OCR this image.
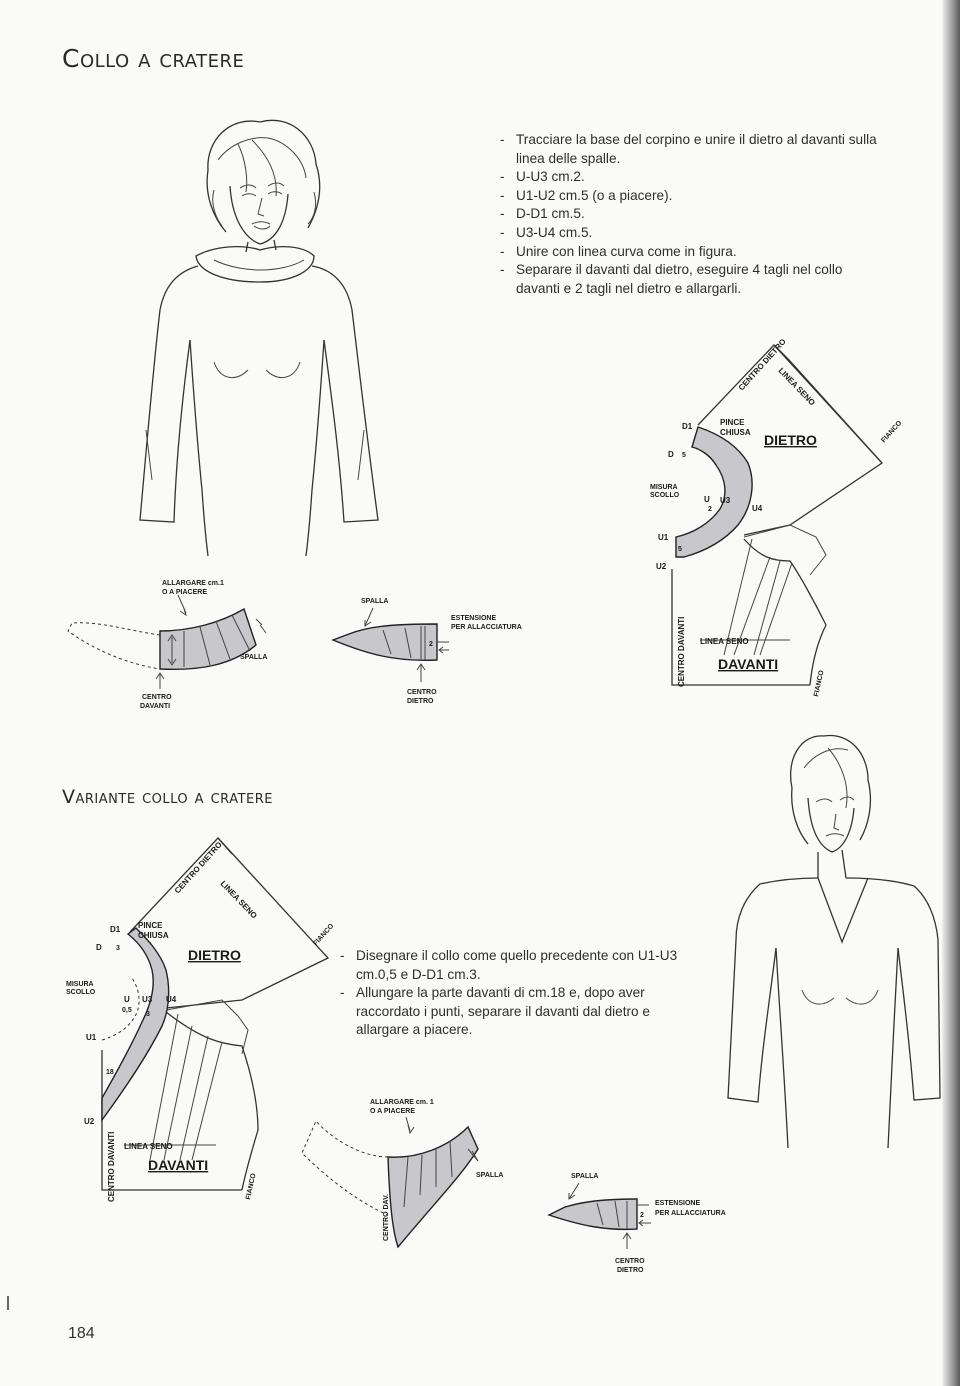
Collo a cratere
- Tracciare la base del corpino e unire il dietro al davanti sulla linea delle spalle.
- U-U3 cm.2.
- U1-U2 cm.5 (o a piacere).
- D-D1 cm.5.
- U3-U4 cm.5.
- Unire con linea curva come in figura.
- Separare il davanti dal dietro, eseguire 4 tagli nel collo davanti e 2 tagli nel dietro e allargarli.
D1
D
U
U1
U2
U3
U4
5
2
5
PINCE
CHIUSA DIETRO
DAVANTI
MISURA
SCOLLO
LINEA SENO
CENTRO DIETRO
LINEA SENO
FIANCO
CENTRO DAVANTI	FIANCO
ALLARGARE cm.1
O A PIACERE
SPALLA
CENTRO
DAVANTI
SPALLA
ESTENSIONE
PER ALLACCIATURA
2
CENTRO
DIETRO
Variante collo a cratere
D1
D
U
U1
U2
U3 U4
3
0,5
3
18
PINCE
CHIUSA
DIETRO
DAVANTI
MISURA
SCOLLO
LINEA SENO
CENTRO DIETRO
LINEA SENO
FIANCO
CENTRO DAVANTI	FIANCO
- Disegnare il collo come quello precedente con U1-U3 cm.0,5 e D-D1 cm.3.
- Allungare la parte davanti di cm.18 e, dopo aver raccordato i punti, separare il davanti dal dietro e allargare a piacere.
ALLARGARE cm. 1
O A PIACERE
SPALLA
CENTRO DAV.
SPALLA
ESTENSIONE
PER ALLACCIATURA
2
CENTRO
DIETRO
184
